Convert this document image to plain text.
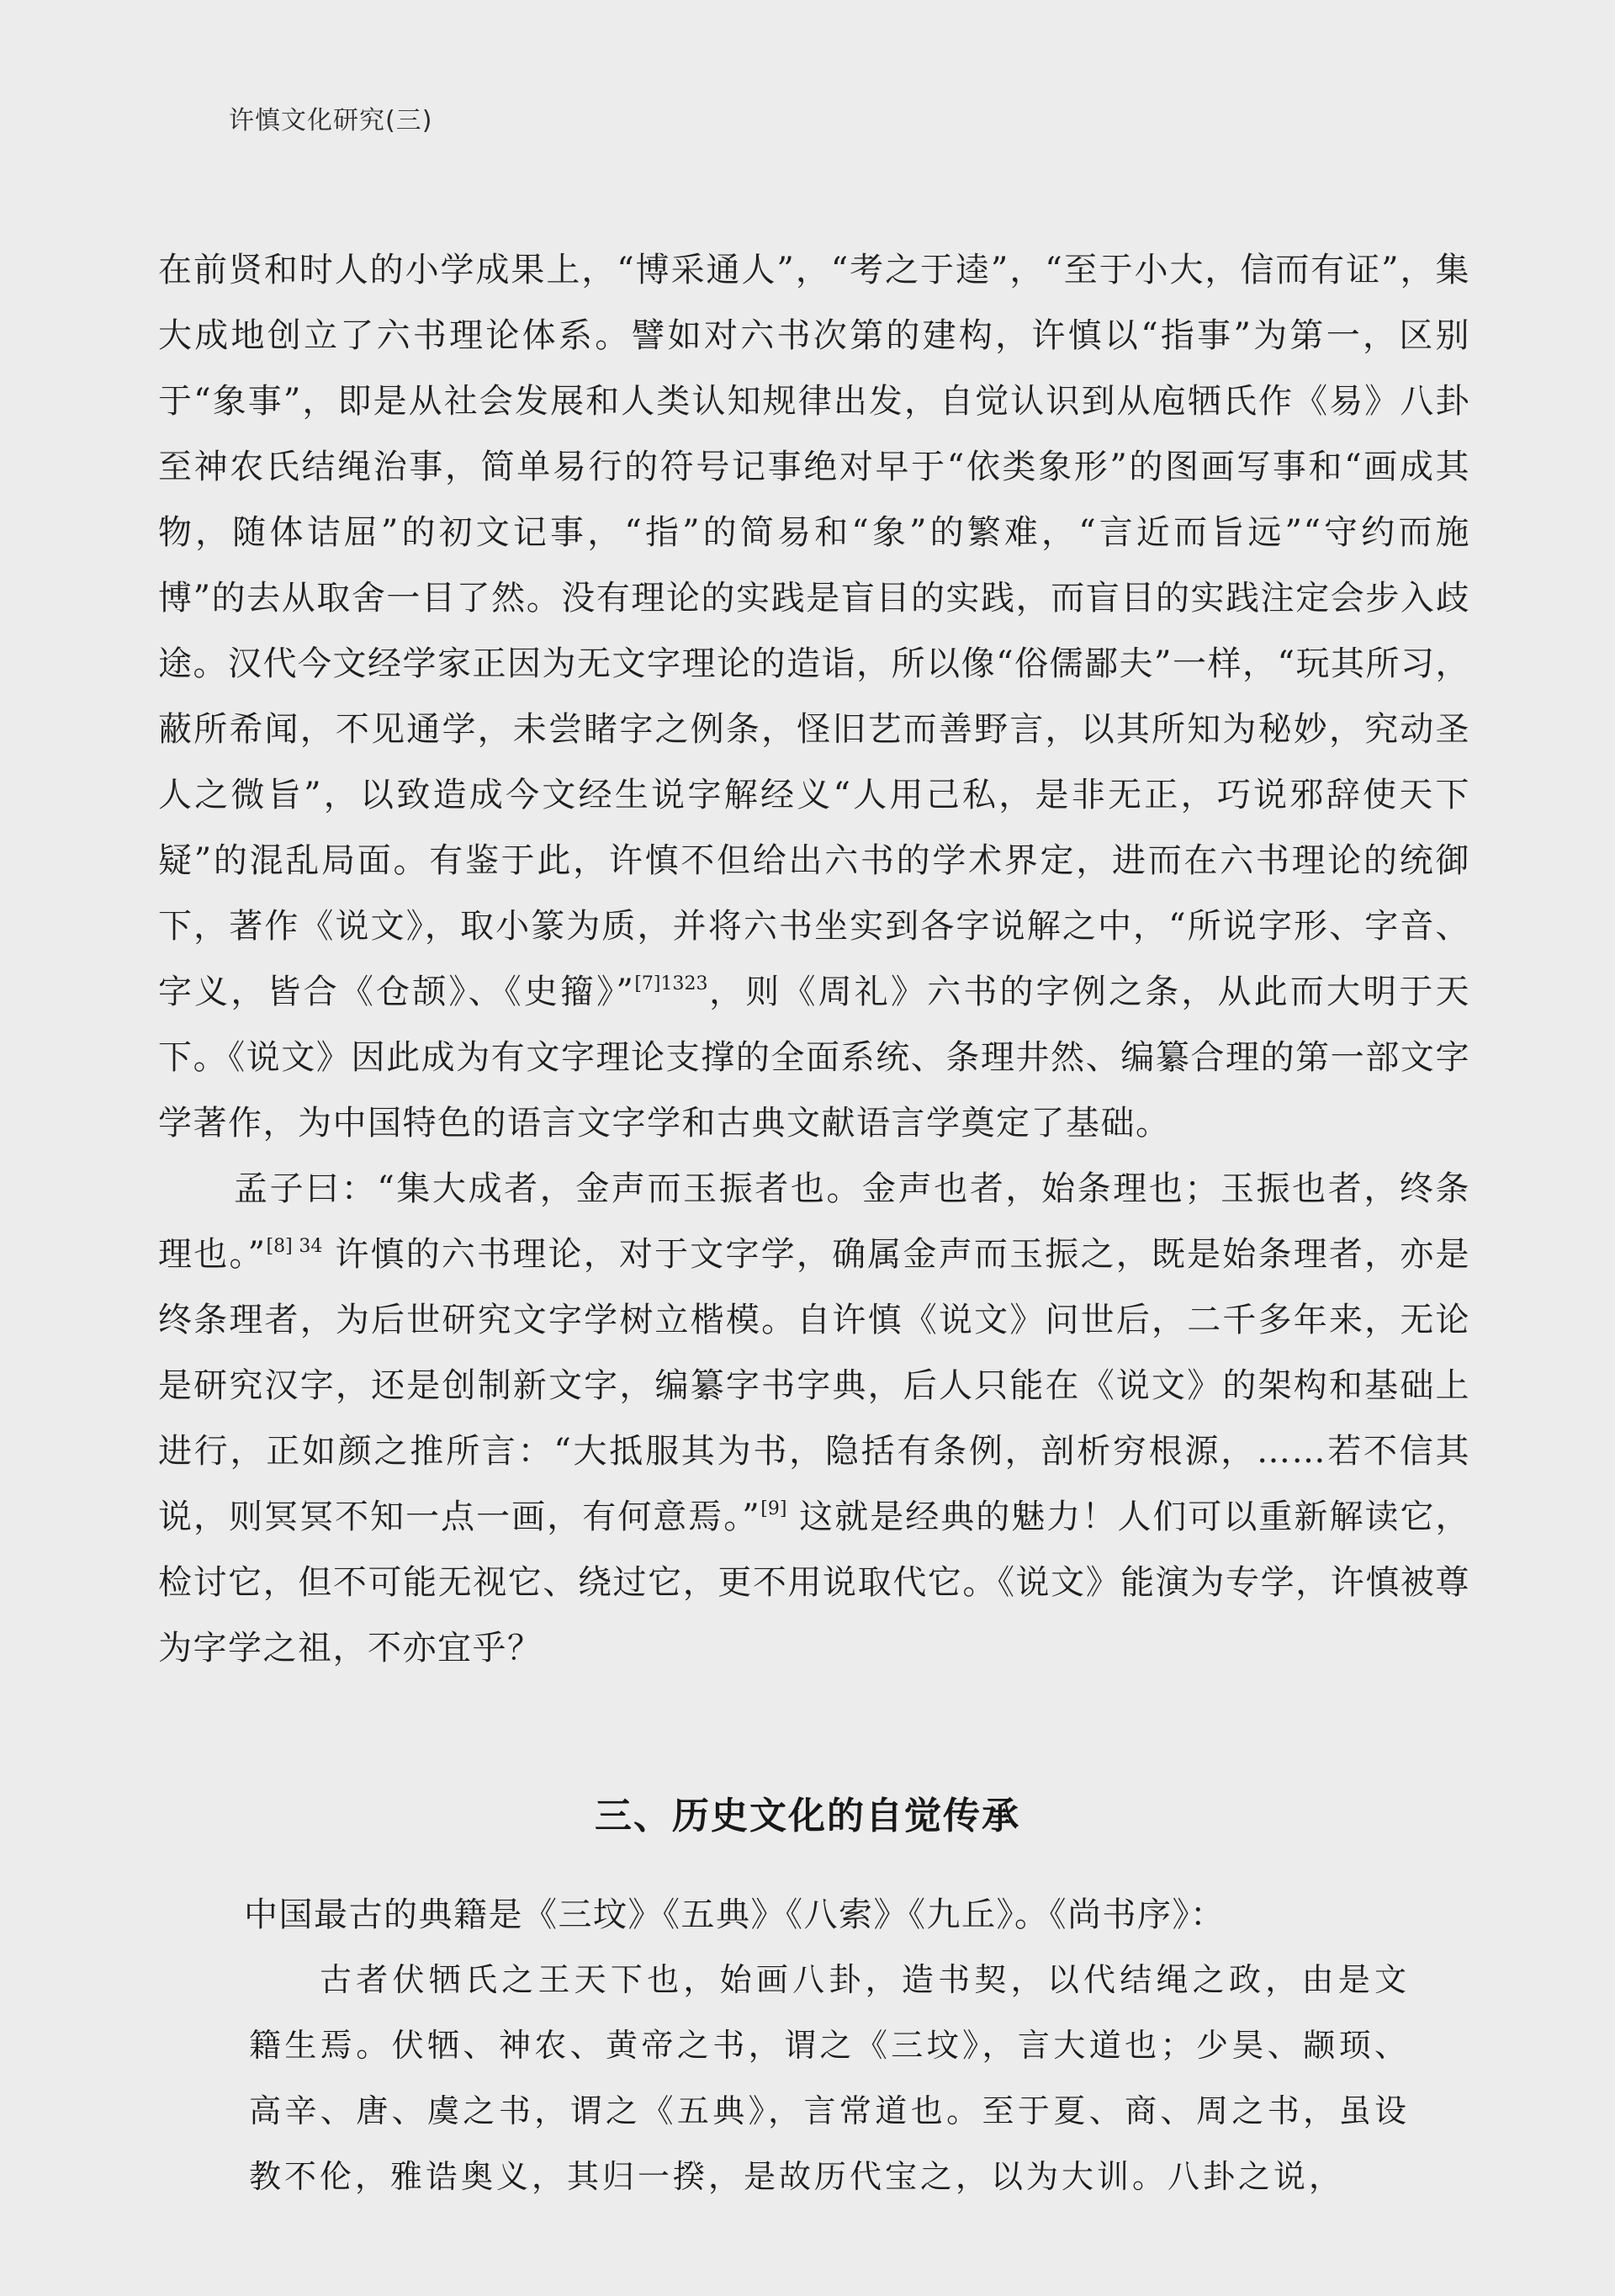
许慎文化研究(三)

在前贤和时人的小学成果上，“博采通人”，“考之于逵”，“至于小大，信而有证”，集大成地创立了六书理论体系。譬如对六书次第的建构，许慎以“指事”为第一，区别于“象事”，即是从社会发展和人类认知规律出发，自觉认识到从庖牺氏作《易》八卦至神农氏结绳治事，简单易行的符号记事绝对早于“依类象形”的图画写事和“画成其物，随体诘屈”的初文记事，“指”的简易和“象”的繁难，“言近而旨远”“守约而施博”的去从取舍一目了然。没有理论的实践是盲目的实践，而盲目的实践注定会步入歧途。汉代今文经学家正因为无文字理论的造诣，所以像“俗儒鄙夫”一样，“玩其所习，蔽所希闻，不见通学，未尝睹字之例条，怪旧艺而善野言，以其所知为秘妙，究动圣人之微旨”，以致造成今文经生说字解经义“人用己私，是非无正，巧说邪辞使天下疑”的混乱局面。有鉴于此，许慎不但给出六书的学术界定，进而在六书理论的统御下，著作《说文》，取小篆为质，并将六书坐实到各字说解之中，“所说字形、字音、字义，皆合《仓颉》、《史籀》”$^{[7]1323}$，则《周礼》六书的字例之条，从此而大明于天下。《说文》因此成为有文字理论支撑的全面系统、条理井然、编纂合理的第一部文字学著作，为中国特色的语言文字学和古典文献语言学奠定了基础。

孟子曰：“集大成者，金声而玉振者也。金声也者，始条理也；玉振也者，终条理也。”$^{[8] 34}$ 许慎的六书理论，对于文字学，确属金声而玉振之，既是始条理者，亦是终条理者，为后世研究文字学树立楷模。自许慎《说文》问世后，二千多年来，无论是研究汉字，还是创制新文字，编纂字书字典，后人只能在《说文》的架构和基础上进行，正如颜之推所言：“大抵服其为书，隐括有条例，剖析穷根源，……若不信其说，则冥冥不知一点一画，有何意焉。”[9] 这就是经典的魅力！人们可以重新解读它，检讨它，但不可能无视它、绕过它，更不用说取代它。《说文》能演为专学，许慎被尊为字学之祖，不亦宜乎？

三、历史文化的自觉传承
中国最古的典籍是《三坟》《五典》《八索》《九丘》。《尚书序》：

古者伏牺氏之王天下也，始画八卦，造书契，以代结绳之政，由是文籍生焉。伏牺、神农、黄帝之书，谓之《三坟》，言大道也；少昊、颛顼、高辛、唐、虞之书，谓之《五典》，言常道也。至于夏、商、周之书，虽设教不伦，雅诰奥义，其归一揆，是故历代宝之，以为大训。八卦之说，
